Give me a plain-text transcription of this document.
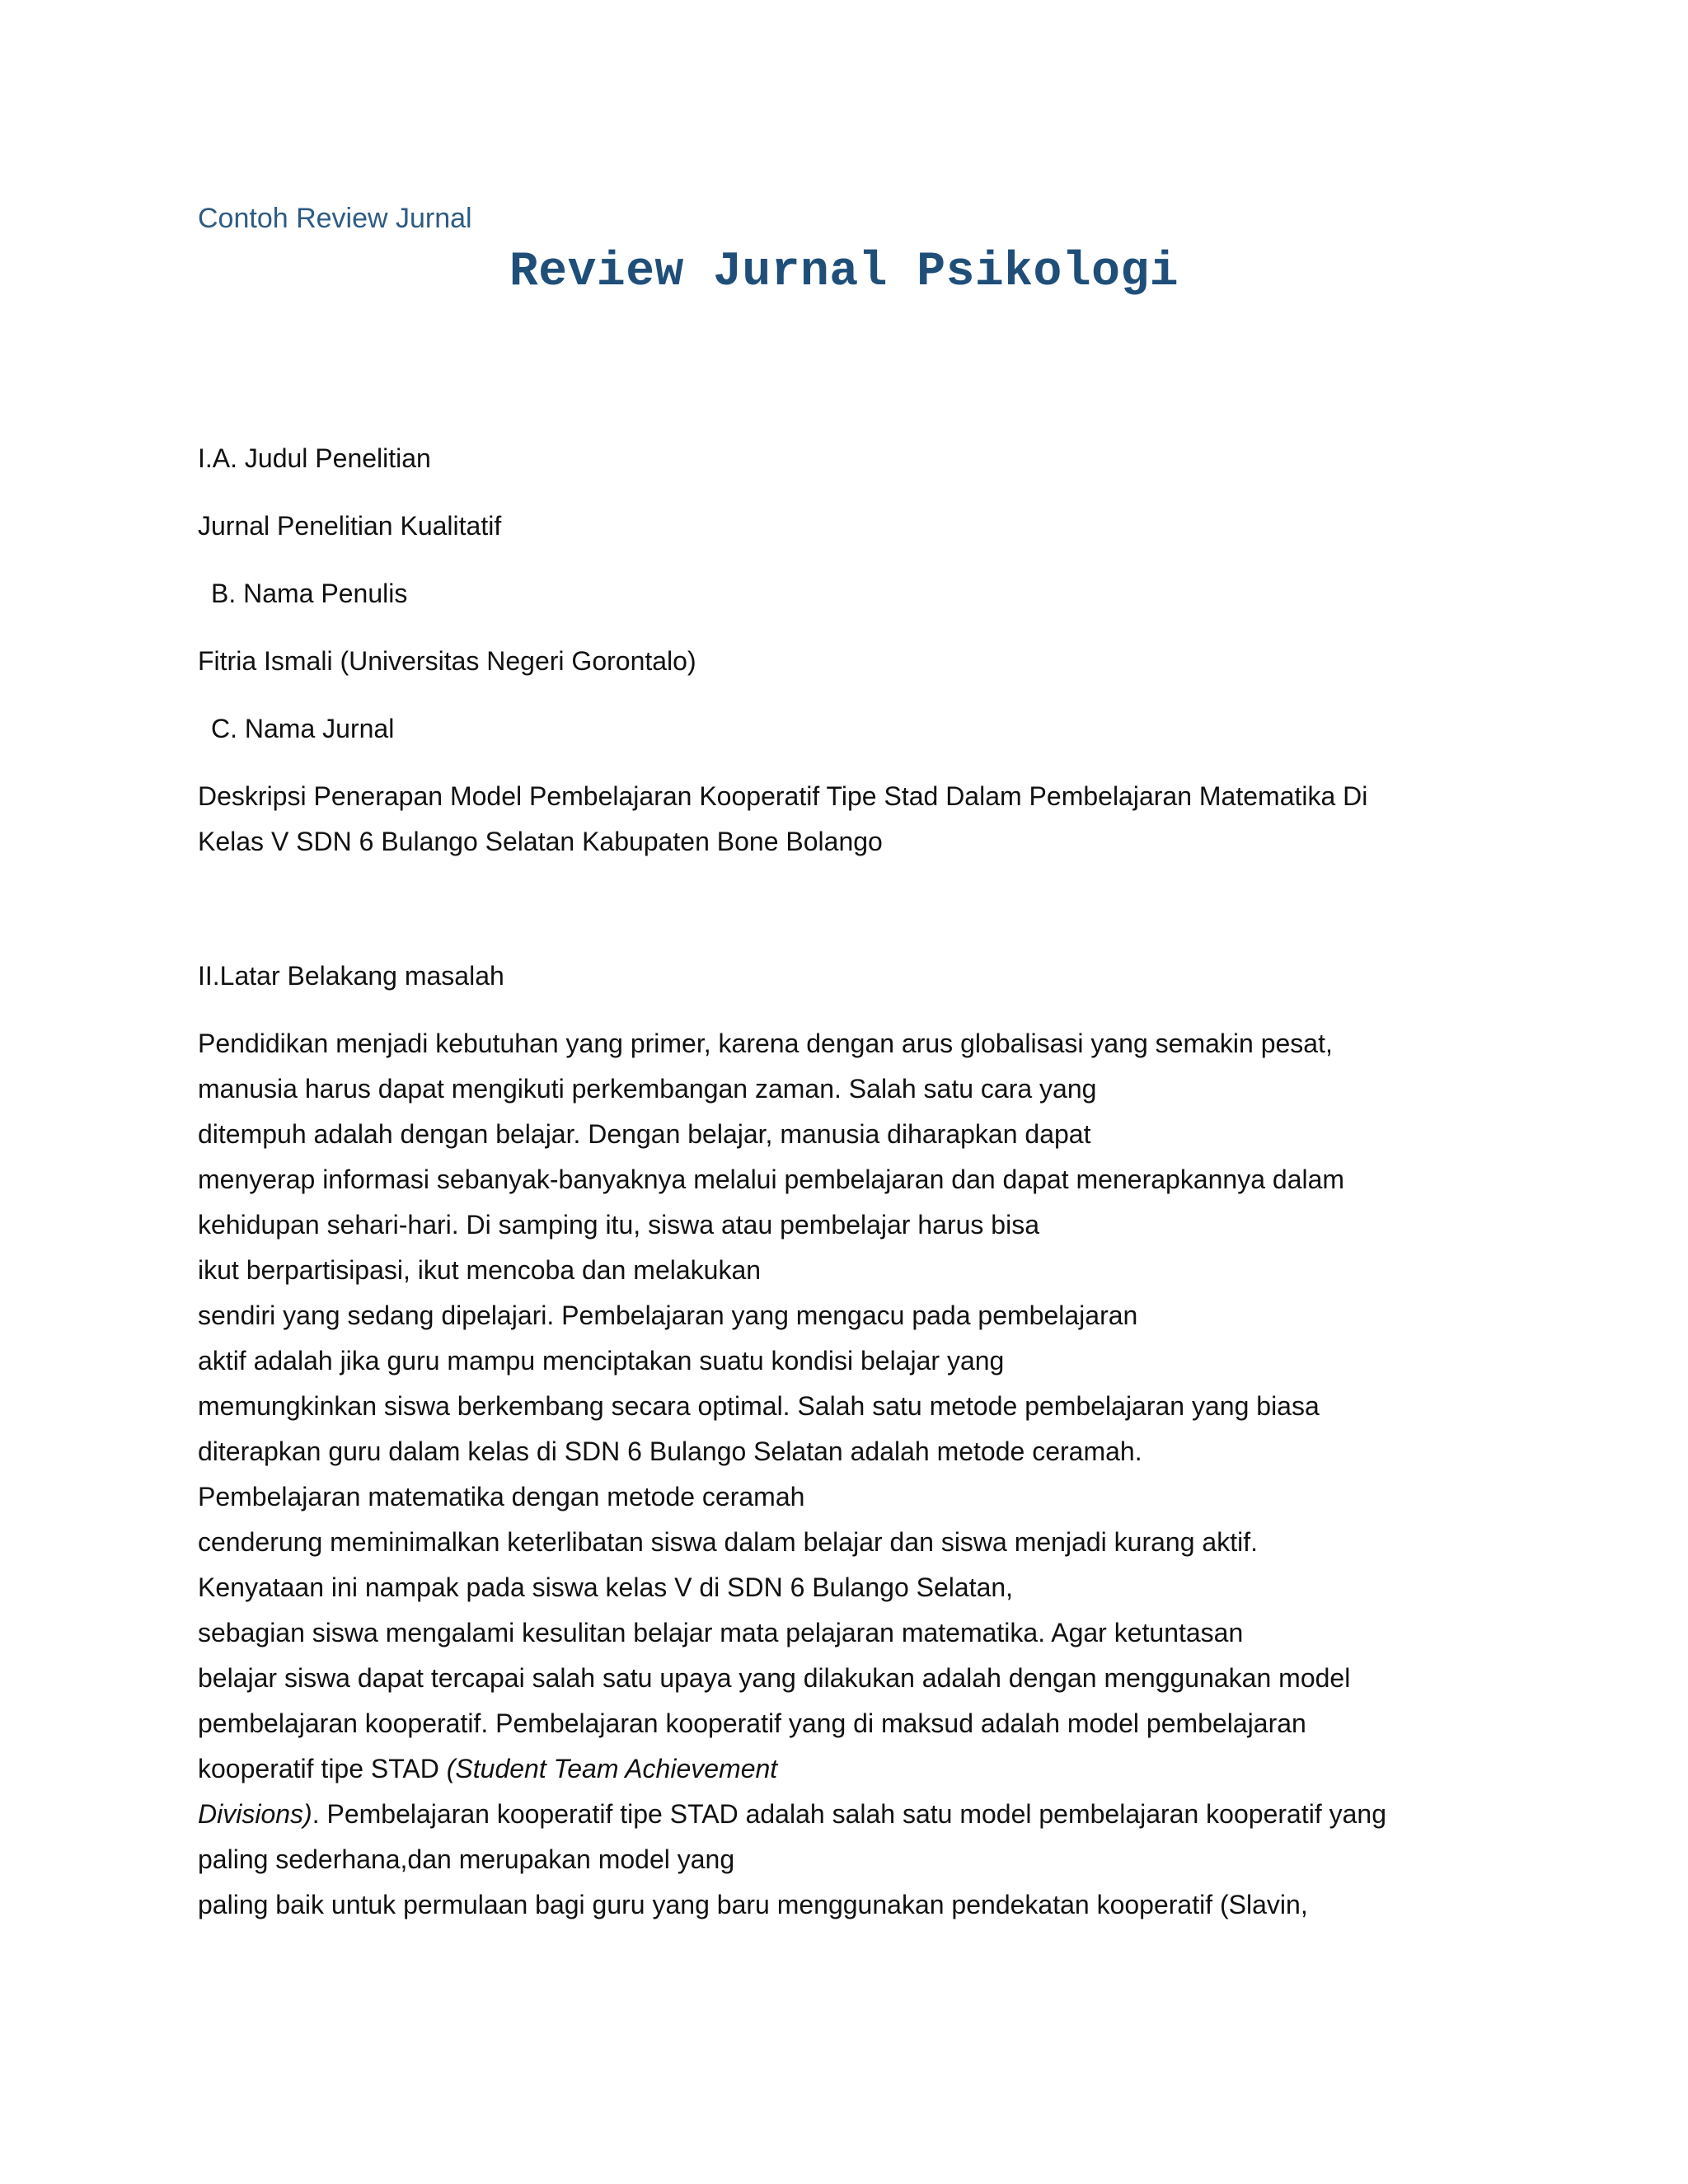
Contoh Review Jurnal
Review Jurnal Psikologi
I.A. Judul Penelitian
Jurnal Penelitian Kualitatif
B. Nama Penulis
Fitria Ismali (Universitas Negeri Gorontalo)
C. Nama Jurnal
Deskripsi Penerapan Model Pembelajaran Kooperatif Tipe Stad Dalam Pembelajaran Matematika Di
Kelas V SDN 6 Bulango Selatan Kabupaten Bone Bolango
II.Latar Belakang masalah
Pendidikan menjadi kebutuhan yang primer, karena dengan arus globalisasi yang semakin pesat,
manusia harus dapat mengikuti perkembangan zaman. Salah satu cara yang
ditempuh adalah dengan belajar. Dengan belajar, manusia diharapkan dapat
menyerap informasi sebanyak-banyaknya melalui pembelajaran dan dapat menerapkannya dalam
kehidupan sehari-hari. Di samping itu, siswa atau pembelajar harus bisa
ikut berpartisipasi, ikut mencoba dan melakukan
sendiri yang sedang dipelajari. Pembelajaran yang mengacu pada pembelajaran
aktif adalah jika guru mampu menciptakan suatu kondisi belajar yang
memungkinkan siswa berkembang secara optimal. Salah satu metode pembelajaran yang biasa
diterapkan guru dalam kelas di SDN 6 Bulango Selatan adalah metode ceramah.
Pembelajaran matematika dengan metode ceramah
cenderung meminimalkan keterlibatan siswa dalam belajar dan siswa menjadi kurang aktif.
Kenyataan ini nampak pada siswa kelas V di SDN 6 Bulango Selatan,
sebagian siswa mengalami kesulitan belajar mata pelajaran matematika. Agar ketuntasan
belajar siswa dapat tercapai salah satu upaya yang dilakukan adalah dengan menggunakan model
pembelajaran kooperatif. Pembelajaran kooperatif yang di maksud adalah model pembelajaran
kooperatif tipe STAD (Student Team Achievement
Divisions). Pembelajaran kooperatif tipe STAD adalah salah satu model pembelajaran kooperatif yang
paling sederhana,dan merupakan model yang
paling baik untuk permulaan bagi guru yang baru menggunakan pendekatan kooperatif (Slavin,
